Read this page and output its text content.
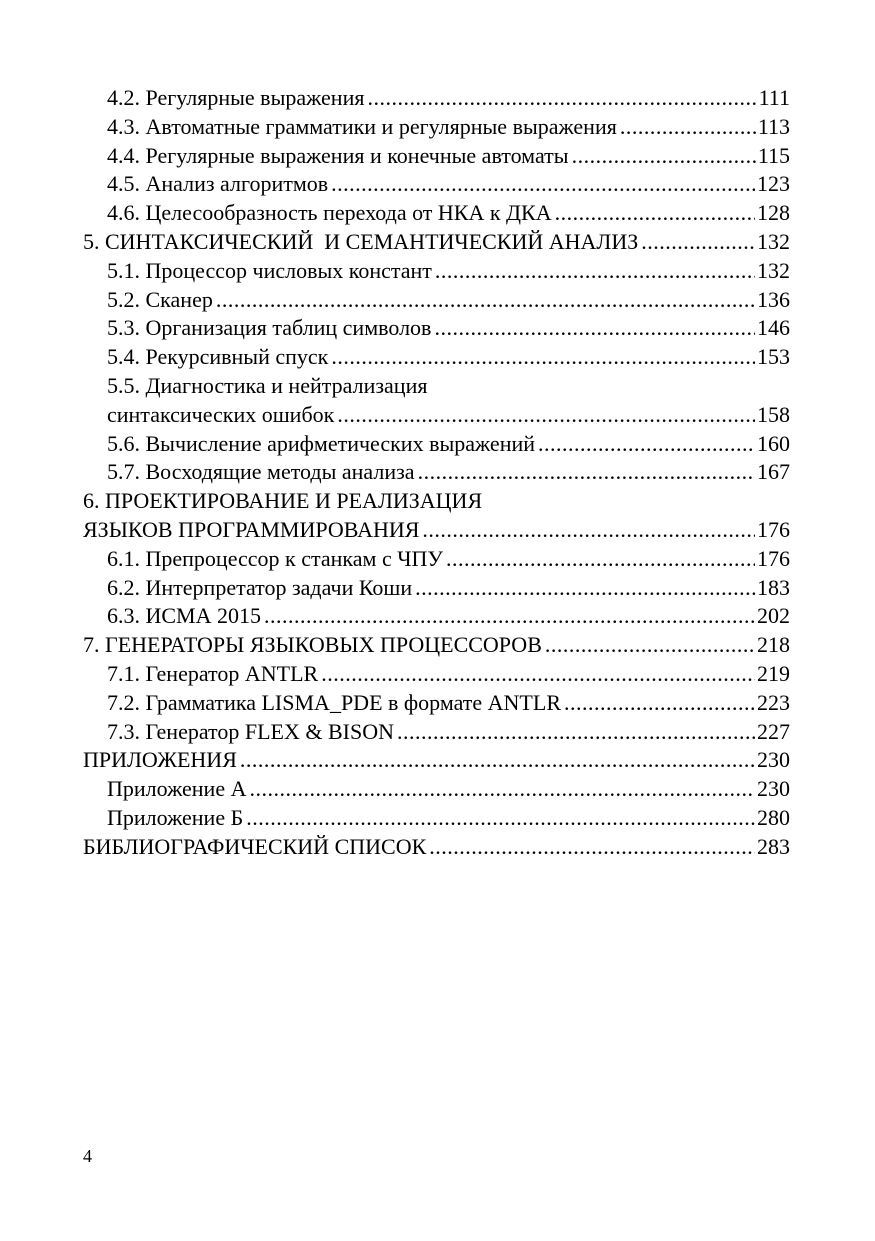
4.2. Регулярные выражения .....	111
4.3. Автоматные грамматики и регулярные выражения .....	113
4.4. Регулярные выражения и конечные автоматы .....	115
4.5. Анализ алгоритмов .....	123
4.6. Целесообразность перехода от НКА к ДКА .....	128
5. СИНТАКСИЧЕСКИЙ  И СЕМАНТИЧЕСКИЙ АНАЛИЗ .....	132
5.1. Процессор числовых констант .....	132
5.2. Сканер .....	136
5.3. Организация таблиц символов .....	146
5.4. Рекурсивный спуск .....	153
5.5. Диагностика и нейтрализация
синтаксических ошибок .....	158
5.6. Вычисление арифметических выражений .....	160
5.7. Восходящие методы анализа .....	167
6. ПРОЕКТИРОВАНИЕ И РЕАЛИЗАЦИЯ
ЯЗЫКОВ ПРОГРАММИРОВАНИЯ .....	176
6.1. Препроцессор к станкам с ЧПУ .....	176
6.2. Интерпретатор задачи Коши .....	183
6.3. ИСМА 2015 .....	202
7. ГЕНЕРАТОРЫ ЯЗЫКОВЫХ ПРОЦЕССОРОВ .....	218
7.1. Генератор ANTLR .....	219
7.2. Грамматика LISMA_PDE в формате ANTLR .....	223
7.3. Генератор FLEX & BISON .....	227
ПРИЛОЖЕНИЯ .....	230
Приложение А .....	230
Приложение Б .....	280
БИБЛИОГРАФИЧЕСКИЙ СПИСОК .....	283
4
